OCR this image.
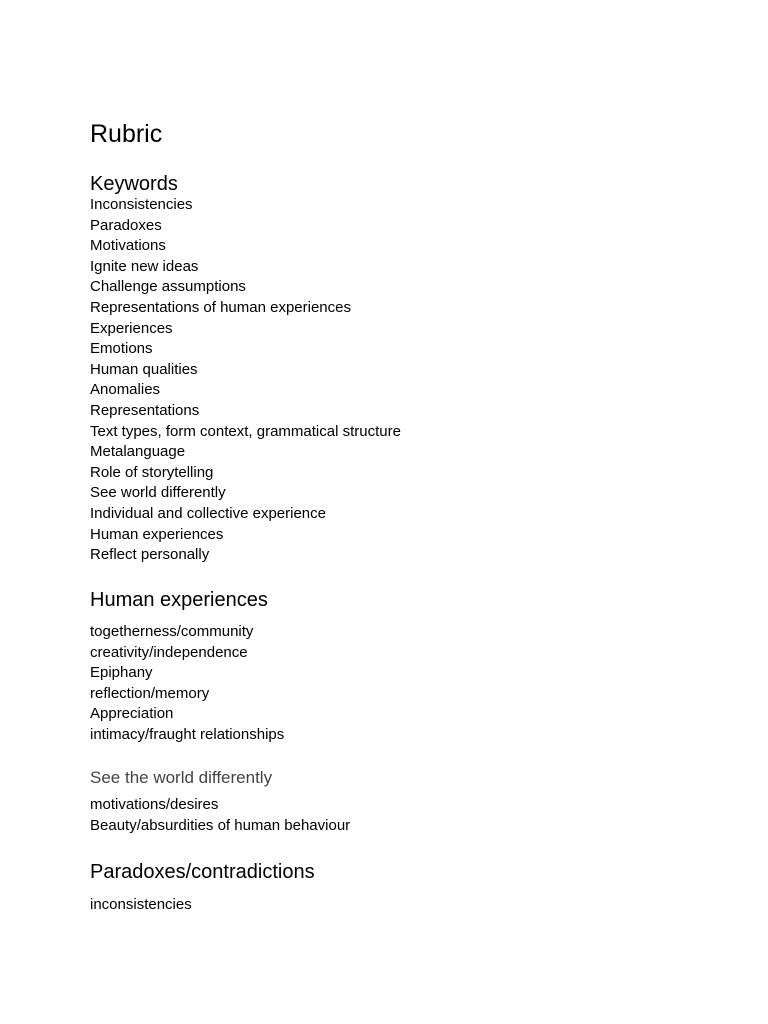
Rubric
Keywords
Inconsistencies
Paradoxes
Motivations
Ignite new ideas
Challenge assumptions
Representations of human experiences
Experiences
Emotions
Human qualities
Anomalies
Representations
Text types, form context, grammatical structure
Metalanguage
Role of storytelling
See world differently
Individual and collective experience
Human experiences
Reflect personally
Human experiences
togetherness/community
creativity/independence
Epiphany
reflection/memory
Appreciation
intimacy/fraught relationships
See the world differently
motivations/desires
Beauty/absurdities of human behaviour
Paradoxes/contradictions
inconsistencies
